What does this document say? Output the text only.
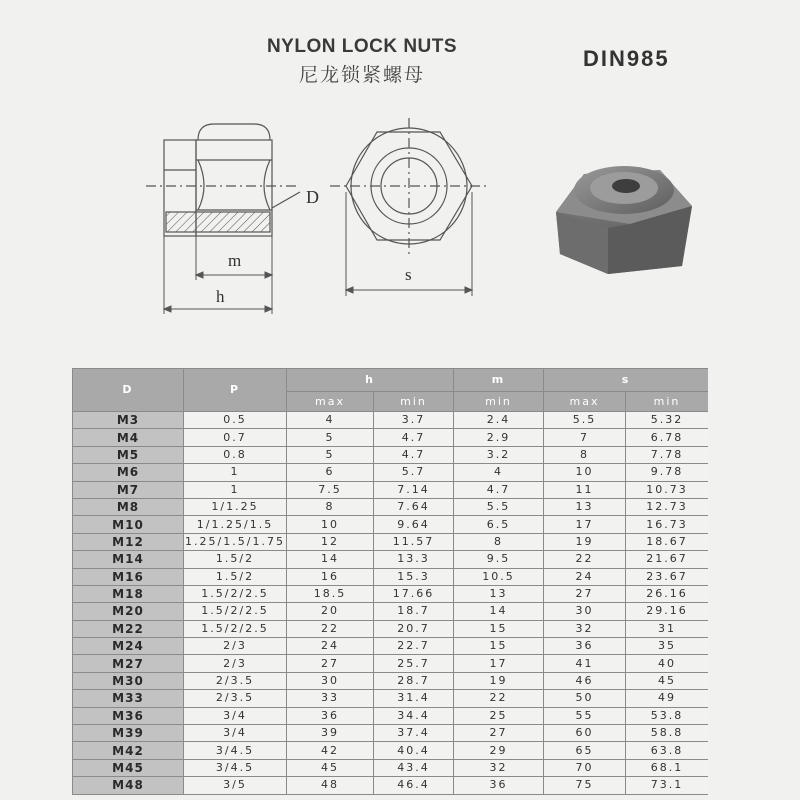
NYLON LOCK NUTS
尼龙锁紧螺母
DIN985
D
m
h
s
D	P	h		m	s	
		max	min	min	max	min
M3	0.5	4	3.7	2.4	5.5	5.32
M4	0.7	5	4.7	2.9	7	6.78
M5	0.8	5	4.7	3.2	8	7.78
M6	1	6	5.7	4	10	9.78
M7	1	7.5	7.14	4.7	11	10.73
M8	1/1.25	8	7.64	5.5	13	12.73
M10	1/1.25/1.5	10	9.64	6.5	17	16.73
M12	1.25/1.5/1.75	12	11.57	8	19	18.67
M14	1.5/2	14	13.3	9.5	22	21.67
M16	1.5/2	16	15.3	10.5	24	23.67
M18	1.5/2/2.5	18.5	17.66	13	27	26.16
M20	1.5/2/2.5	20	18.7	14	30	29.16
M22	1.5/2/2.5	22	20.7	15	32	31
M24	2/3	24	22.7	15	36	35
M27	2/3	27	25.7	17	41	40
M30	2/3.5	30	28.7	19	46	45
M33	2/3.5	33	31.4	22	50	49
M36	3/4	36	34.4	25	55	53.8
M39	3/4	39	37.4	27	60	58.8
M42	3/4.5	42	40.4	29	65	63.8
M45	3/4.5	45	43.4	32	70	68.1
M48	3/5	48	46.4	36	75	73.1
